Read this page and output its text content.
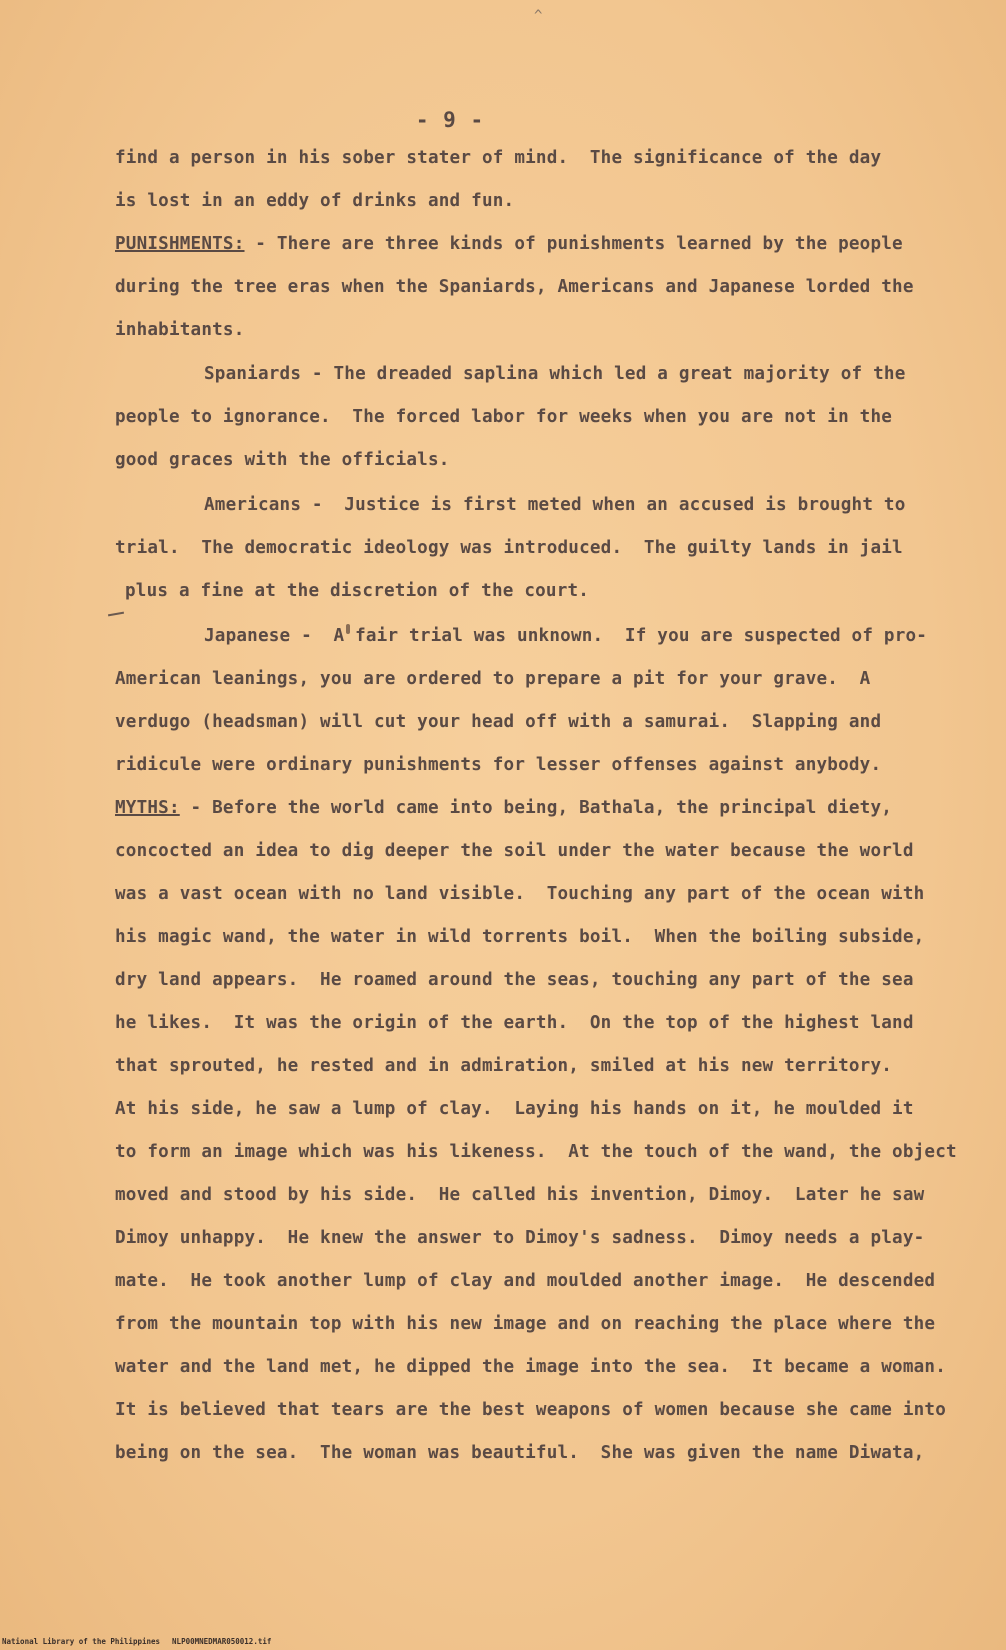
^
- 9 -
find a person in his sober stater of mind.  The significance of the day
is lost in an eddy of drinks and fun.
PUNISHMENTS: - There are three kinds of punishments learned by the people
during the tree eras when the Spaniards, Americans and Japanese lorded the
inhabitants.
Spaniards - The dreaded saplina which led a great majority of the
people to ignorance.  The forced labor for weeks when you are not in the
good graces with the officials.
Americans -  Justice is first meted when an accused is brought to
trial.  The democratic ideology was introduced.  The guilty lands in jail
plus a fine at the discretion of the court.
Japanese -  A fair trial was unknown.  If you are suspected of pro-
American leanings, you are ordered to prepare a pit for your grave.  A
verdugo (headsman) will cut your head off with a samurai.  Slapping and
ridicule were ordinary punishments for lesser offenses against anybody.
MYTHS: - Before the world came into being, Bathala, the principal diety,
concocted an idea to dig deeper the soil under the water because the world
was a vast ocean with no land visible.  Touching any part of the ocean with
his magic wand, the water in wild torrents boil.  When the boiling subside,
dry land appears.  He roamed around the seas, touching any part of the sea
he likes.  It was the origin of the earth.  On the top of the highest land
that sprouted, he rested and in admiration, smiled at his new territory.
At his side, he saw a lump of clay.  Laying his hands on it, he moulded it
to form an image which was his likeness.  At the touch of the wand, the object
moved and stood by his side.  He called his invention, Dimoy.  Later he saw
Dimoy unhappy.  He knew the answer to Dimoy's sadness.  Dimoy needs a play-
mate.  He took another lump of clay and moulded another image.  He descended
from the mountain top with his new image and on reaching the place where the
water and the land met, he dipped the image into the sea.  It became a woman.
It is believed that tears are the best weapons of women because she came into
being on the sea.  The woman was beautiful.  She was given the name Diwata,
National Library of the Philippines NLP00MNEDMAR050012.tif
